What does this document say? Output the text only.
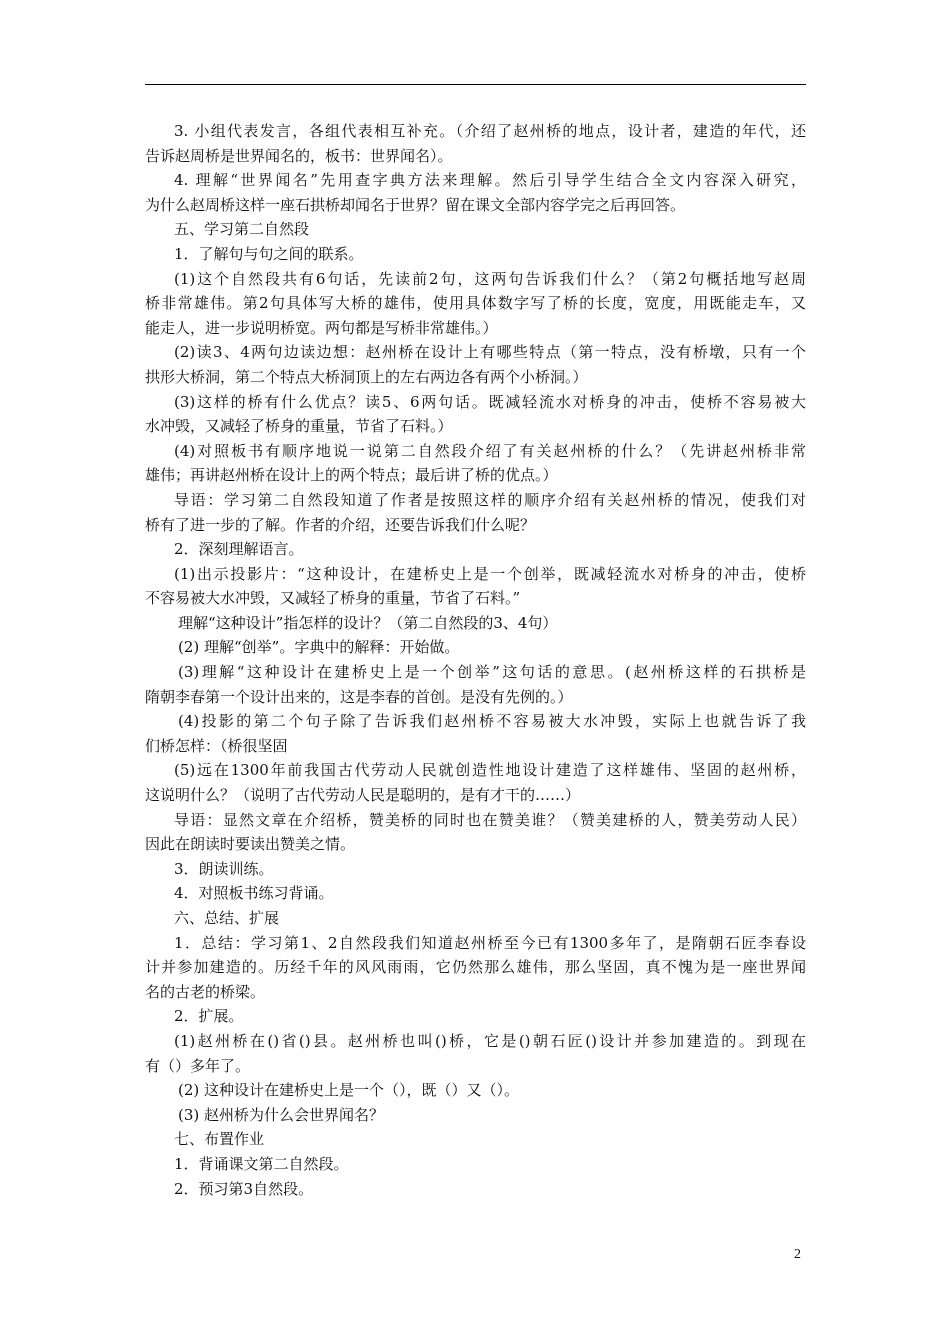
3. 小组代表发言，各组代表相互补充。（介绍了赵州桥的地点，设计者，建造的年代，还
告诉赵周桥是世界闻名的，板书：世界闻名）。
4. 理解“世界闻名”先用查字典方法来理解。然后引导学生结合全文内容深入研究，
为什么赵周桥这样一座石拱桥却闻名于世界？留在课文全部内容学完之后再回答。
五、学习第二自然段
1．了解句与句之间的联系。
(1)这个自然段共有6句话，先读前2句，这两句告诉我们什么？（第2句概括地写赵周
桥非常雄伟。第2句具体写大桥的雄伟，使用具体数字写了桥的长度，宽度，用既能走车，又
能走人，进一步说明桥宽。两句都是写桥非常雄伟。）
(2)读3、4两句边读边想：赵州桥在设计上有哪些特点（第一特点，没有桥墩，只有一个
拱形大桥洞，第二个特点大桥洞顶上的左右两边各有两个小桥洞。）
(3)这样的桥有什么优点？读5、6两句话。既减轻流水对桥身的冲击，使桥不容易被大
水冲毁，又减轻了桥身的重量，节省了石料。）
(4)对照板书有顺序地说一说第二自然段介绍了有关赵州桥的什么？（先讲赵州桥非常
雄伟；再讲赵州桥在设计上的两个特点；最后讲了桥的优点。）
导语：学习第二自然段知道了作者是按照这样的顺序介绍有关赵州桥的情况，使我们对
桥有了进一步的了解。作者的介绍，还要告诉我们什么呢？
2．深刻理解语言。
(1)出示投影片：“这种设计，在建桥史上是一个创举，既减轻流水对桥身的冲击，使桥
不容易被大水冲毁，又减轻了桥身的重量，节省了石料。”
理解“这种设计”指怎样的设计？（第二自然段的3、4句）
(2) 理解“创举”。字典中的解释：开始做。
(3)理解“这种设计在建桥史上是一个创举”这句话的意思。(赵州桥这样的石拱桥是
隋朝李春第一个设计出来的，这是李春的首创。是没有先例的。）
(4)投影的第二个句子除了告诉我们赵州桥不容易被大水冲毁，实际上也就告诉了我
们桥怎样：（桥很坚固
(5)远在1300年前我国古代劳动人民就创造性地设计建造了这样雄伟、坚固的赵州桥，
这说明什么？（说明了古代劳动人民是聪明的，是有才干的……）
导语：显然文章在介绍桥，赞美桥的同时也在赞美谁？（赞美建桥的人，赞美劳动人民）
因此在朗读时要读出赞美之情。
3．朗读训练。
4．对照板书练习背诵。
六、总结、扩展
1．总结：学习第1、2自然段我们知道赵州桥至今已有1300多年了，是隋朝石匠李春设
计并参加建造的。历经千年的风风雨雨，它仍然那么雄伟，那么坚固，真不愧为是一座世界闻
名的古老的桥梁。
2．扩展。
(1)赵州桥在()省()县。赵州桥也叫()桥，它是()朝石匠()设计并参加建造的。到现在
有（）多年了。
(2) 这种设计在建桥史上是一个（），既（）又（）。
(3) 赵州桥为什么会世界闻名？
七、布置作业
1．背诵课文第二自然段。
2．预习第3自然段。
2
